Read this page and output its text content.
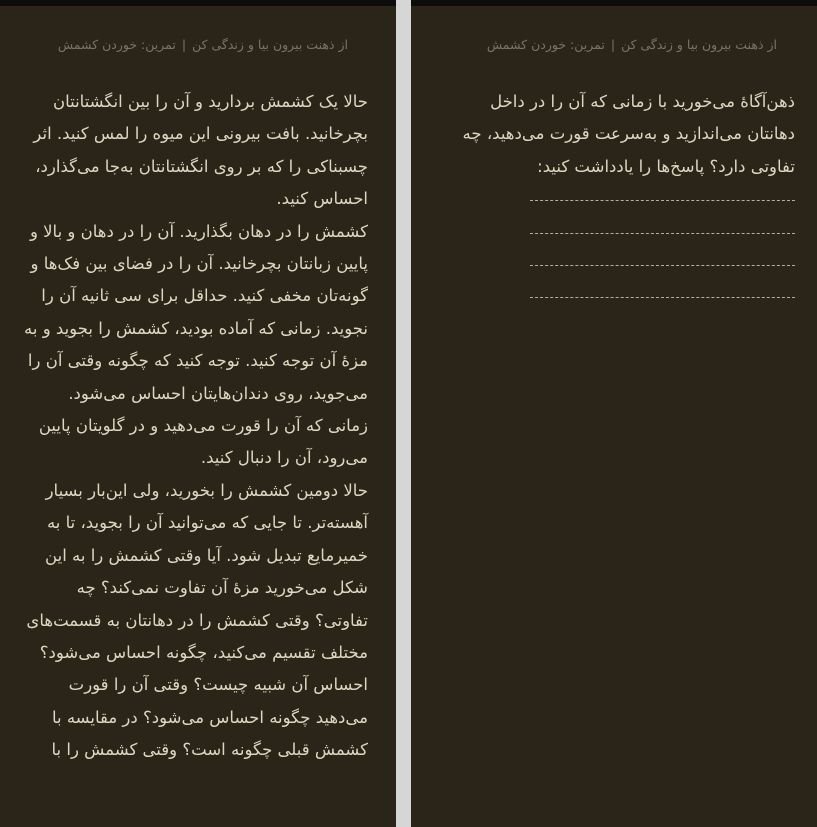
از ذهنت بیرون بیا و زندگی کن|تمرین: خوردن کشمش
حالا یک کشمش بردارید و آن را بین انگشتانتان
بچرخانید. بافت بیرونی این میوه را لمس کنید. اثر
چسبناکی را که بر روی انگشتانتان به‌جا می‌گذارد،
احساس کنید.
کشمش را در دهان بگذارید. آن را در دهان و بالا و
پایین زبانتان بچرخانید. آن را در فضای بین فک‌ها و
گونه‌تان مخفی کنید. حداقل برای سی ثانیه آن را
نجوید. زمانی که آماده بودید، کشمش را بجوید و به
مزهٔ آن توجه کنید. توجه کنید که چگونه وقتی آن را
می‌جوید، روی دندان‌هایتان احساس می‌شود.
زمانی که آن را قورت می‌دهید و در گلویتان پایین
می‌رود، آن را دنبال کنید.
حالا دومین کشمش را بخورید، ولی این‌بار بسیار
آهسته‌تر. تا جایی که می‌توانید آن را بجوید، تا به
خمیرمایع تبدیل شود. آیا وقتی کشمش را به این
شکل می‌خورید مزهٔ آن تفاوت نمی‌کند؟ چه
تفاوتی؟ وقتی کشمش را در دهانتان به قسمت‌های
مختلف تقسیم می‌کنید، چگونه احساس می‌شود؟
احساس آن شبیه چیست؟ وقتی آن را قورت
می‌دهید چگونه احساس می‌شود؟ در مقایسه با
کشمش قبلی چگونه است؟ وقتی کشمش را با
از ذهنت بیرون بیا و زندگی کن|تمرین: خوردن کشمش
ذهن‌آگاهٔ می‌خورید با زمانی که آن را در داخل
دهانتان می‌اندازید و به‌سرعت قورت می‌دهید، چه
تفاوتی دارد؟ پاسخ‌ها را یادداشت کنید:
